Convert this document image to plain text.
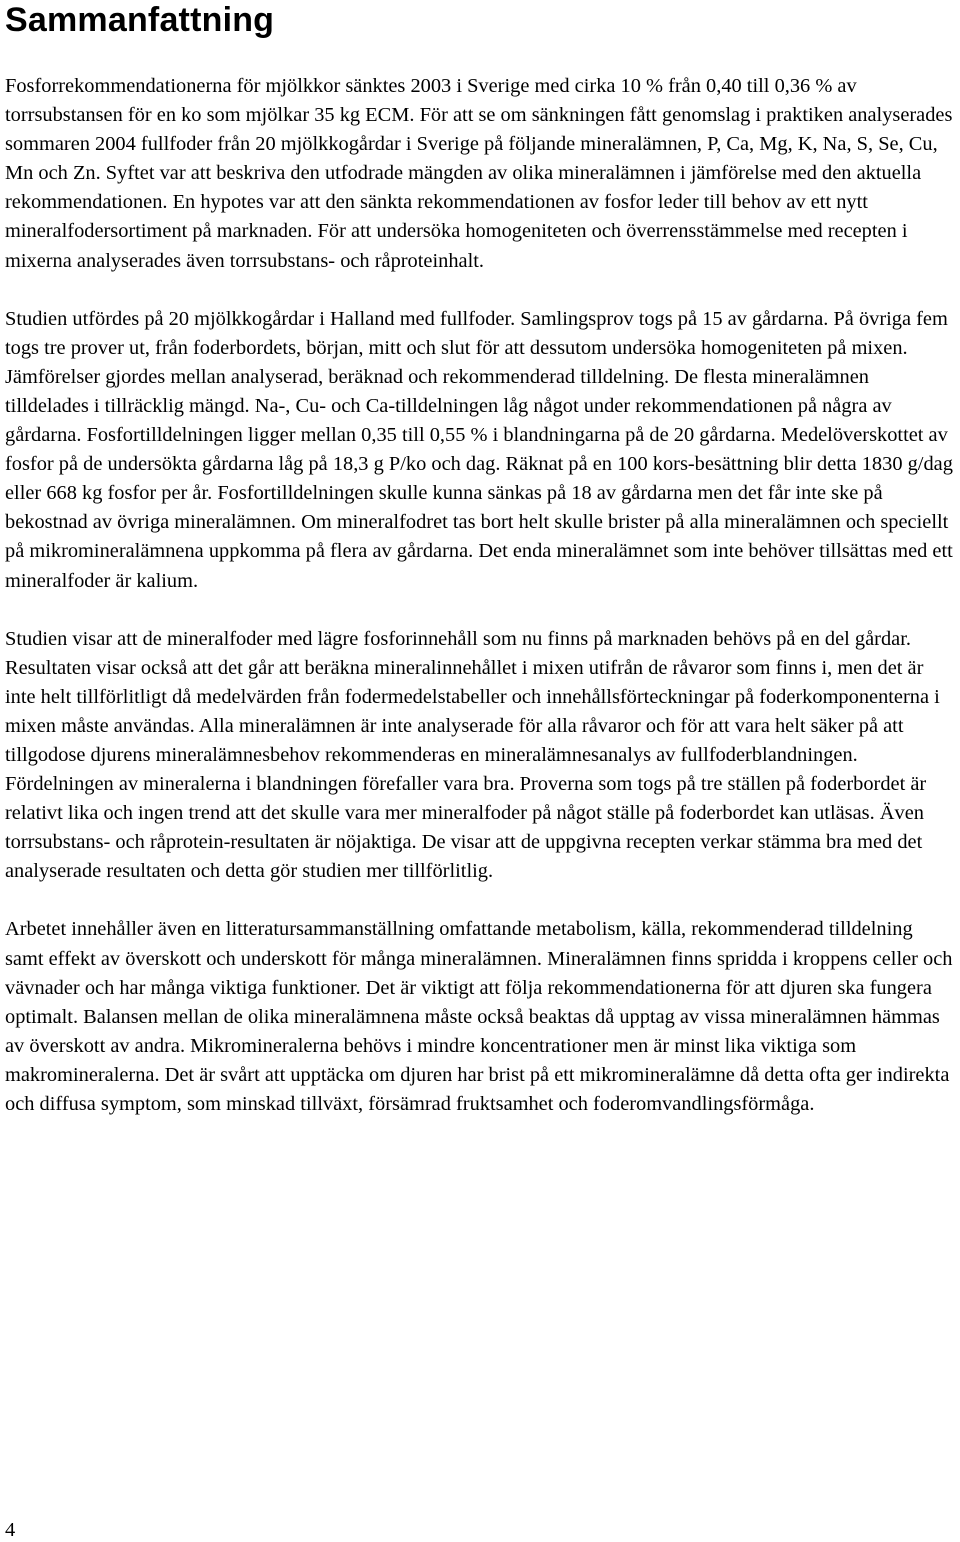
Sammanfattning

Fosforrekommendationerna för mjölkkor sänktes 2003 i Sverige med cirka 10 % från 0,40 till 0,36 % av torrsubstansen för en ko som mjölkar 35 kg ECM. För att se om sänkningen fått genomslag i praktiken analyserades sommaren 2004 fullfoder från 20 mjölkkogårdar i Sverige på följande mineralämnen, P, Ca, Mg, K, Na, S, Se, Cu, Mn och Zn. Syftet var att beskriva den utfodrade mängden av olika mineralämnen i jämförelse med den aktuella rekommendationen. En hypotes var att den sänkta rekommendationen av fosfor leder till behov av ett nytt mineralfodersortiment på marknaden. För att undersöka homogeniteten och överrensstämmelse med recepten i mixerna analyserades även torrsubstans- och råproteinhalt.

Studien utfördes på 20 mjölkkogårdar i Halland med fullfoder. Samlingsprov togs på 15 av gårdarna. På övriga fem togs tre prover ut, från foderbordets, början, mitt och slut för att dessutom undersöka homogeniteten på mixen. Jämförelser gjordes mellan analyserad, beräknad och rekommenderad tilldelning. De flesta mineralämnen tilldelades i tillräcklig mängd. Na-, Cu- och Ca-tilldelningen låg något under rekommendationen på några av gårdarna. Fosfortilldelningen ligger mellan 0,35 till 0,55 % i blandningarna på de 20 gårdarna. Medelöverskottet av fosfor på de undersökta gårdarna låg på 18,3 g P/ko och dag. Räknat på en 100 kors-besättning blir detta 1830 g/dag eller 668 kg fosfor per år. Fosfortilldelningen skulle kunna sänkas på 18 av gårdarna men det får inte ske på bekostnad av övriga mineralämnen. Om mineralfodret tas bort helt skulle brister på alla mineralämnen och speciellt på mikromineralämnena uppkomma på flera av gårdarna. Det enda mineralämnet som inte behöver tillsättas med ett mineralfoder är kalium.

Studien visar att de mineralfoder med lägre fosforinnehåll som nu finns på marknaden behövs på en del gårdar. Resultaten visar också att det går att beräkna mineralinnehållet i mixen utifrån de råvaror som finns i, men det är inte helt tillförlitligt då medelvärden från fodermedelstabeller och innehållsförteckningar på foderkomponenterna i mixen måste användas. Alla mineralämnen är inte analyserade för alla råvaror och för att vara helt säker på att tillgodose djurens mineralämnesbehov rekommenderas en mineralämnesanalys av fullfoderblandningen. Fördelningen av mineralerna i blandningen förefaller vara bra. Proverna som togs på tre ställen på foderbordet är relativt lika och ingen trend att det skulle vara mer mineralfoder på något ställe på foderbordet kan utläsas. Även torrsubstans- och råprotein-resultaten är nöjaktiga. De visar att de uppgivna recepten verkar stämma bra med det analyserade resultaten och detta gör studien mer tillförlitlig.

Arbetet innehåller även en litteratursammanställning omfattande metabolism, källa, rekommenderad tilldelning samt effekt av överskott och underskott för många mineralämnen. Mineralämnen finns spridda i kroppens celler och vävnader och har många viktiga funktioner. Det är viktigt att följa rekommendationerna för att djuren ska fungera optimalt. Balansen mellan de olika mineralämnena måste också beaktas då upptag av vissa mineralämnen hämmas av överskott av andra. Mikromineralerna behövs i mindre koncentrationer men är minst lika viktiga som makromineralerna. Det är svårt att upptäcka om djuren har brist på ett mikromineralämne då detta ofta ger indirekta och diffusa symptom, som minskad tillväxt, försämrad fruktsamhet och foderomvandlingsförmåga.

4
